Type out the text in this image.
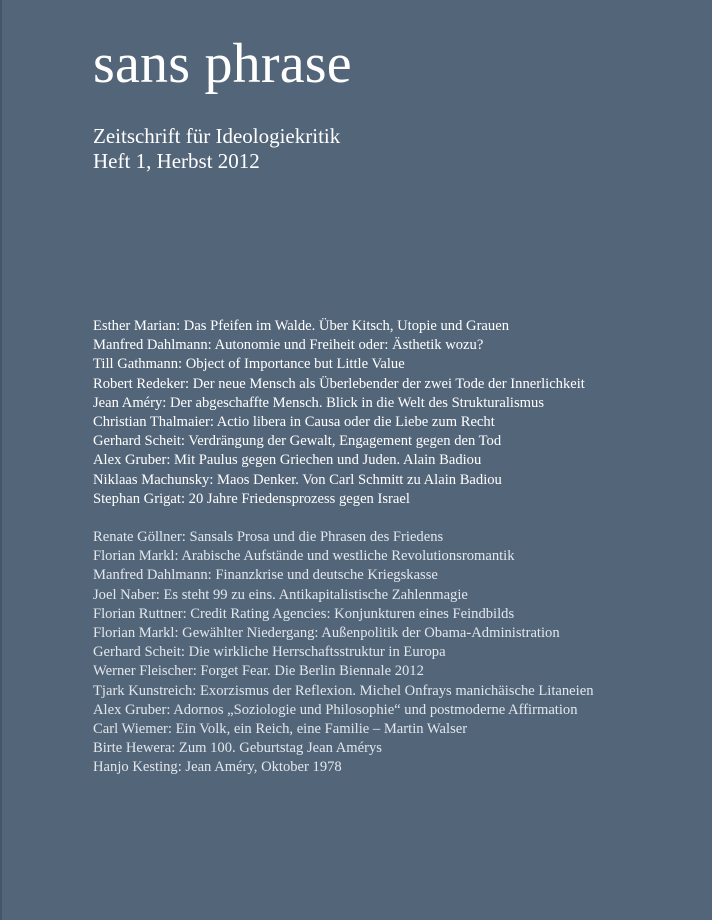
sans phrase
Zeitschrift für Ideologiekritik
Heft 1, Herbst 2012
Esther Marian: Das Pfeifen im Walde. Über Kitsch, Utopie und Grauen
Manfred Dahlmann: Autonomie und Freiheit oder: Ästhetik wozu?
Till Gathmann: Object of Importance but Little Value
Robert Redeker: Der neue Mensch als Überlebender der zwei Tode der Innerlichkeit
Jean Améry: Der abgeschaffte Mensch. Blick in die Welt des Strukturalismus
Christian Thalmaier: Actio libera in Causa oder die Liebe zum Recht
Gerhard Scheit: Verdrängung der Gewalt, Engagement gegen den Tod
Alex Gruber: Mit Paulus gegen Griechen und Juden. Alain Badiou
Niklaas Machunsky: Maos Denker. Von Carl Schmitt zu Alain Badiou
Stephan Grigat: 20 Jahre Friedensprozess gegen Israel
Renate Göllner: Sansals Prosa und die Phrasen des Friedens
Florian Markl: Arabische Aufstände und westliche Revolutionsromantik
Manfred Dahlmann: Finanzkrise und deutsche Kriegskasse
Joel Naber: Es steht 99 zu eins. Antikapitalistische Zahlenmagie
Florian Ruttner: Credit Rating Agencies: Konjunkturen eines Feindbilds
Florian Markl: Gewählter Niedergang: Außenpolitik der Obama-Administration
Gerhard Scheit: Die wirkliche Herrschaftsstruktur in Europa
Werner Fleischer: Forget Fear. Die Berlin Biennale 2012
Tjark Kunstreich: Exorzismus der Reflexion. Michel Onfrays manichäische Litaneien
Alex Gruber: Adornos „Soziologie und Philosophie“ und postmoderne Affirmation
Carl Wiemer: Ein Volk, ein Reich, eine Familie – Martin Walser
Birte Hewera: Zum 100. Geburtstag Jean Amérys
Hanjo Kesting: Jean Améry, Oktober 1978
